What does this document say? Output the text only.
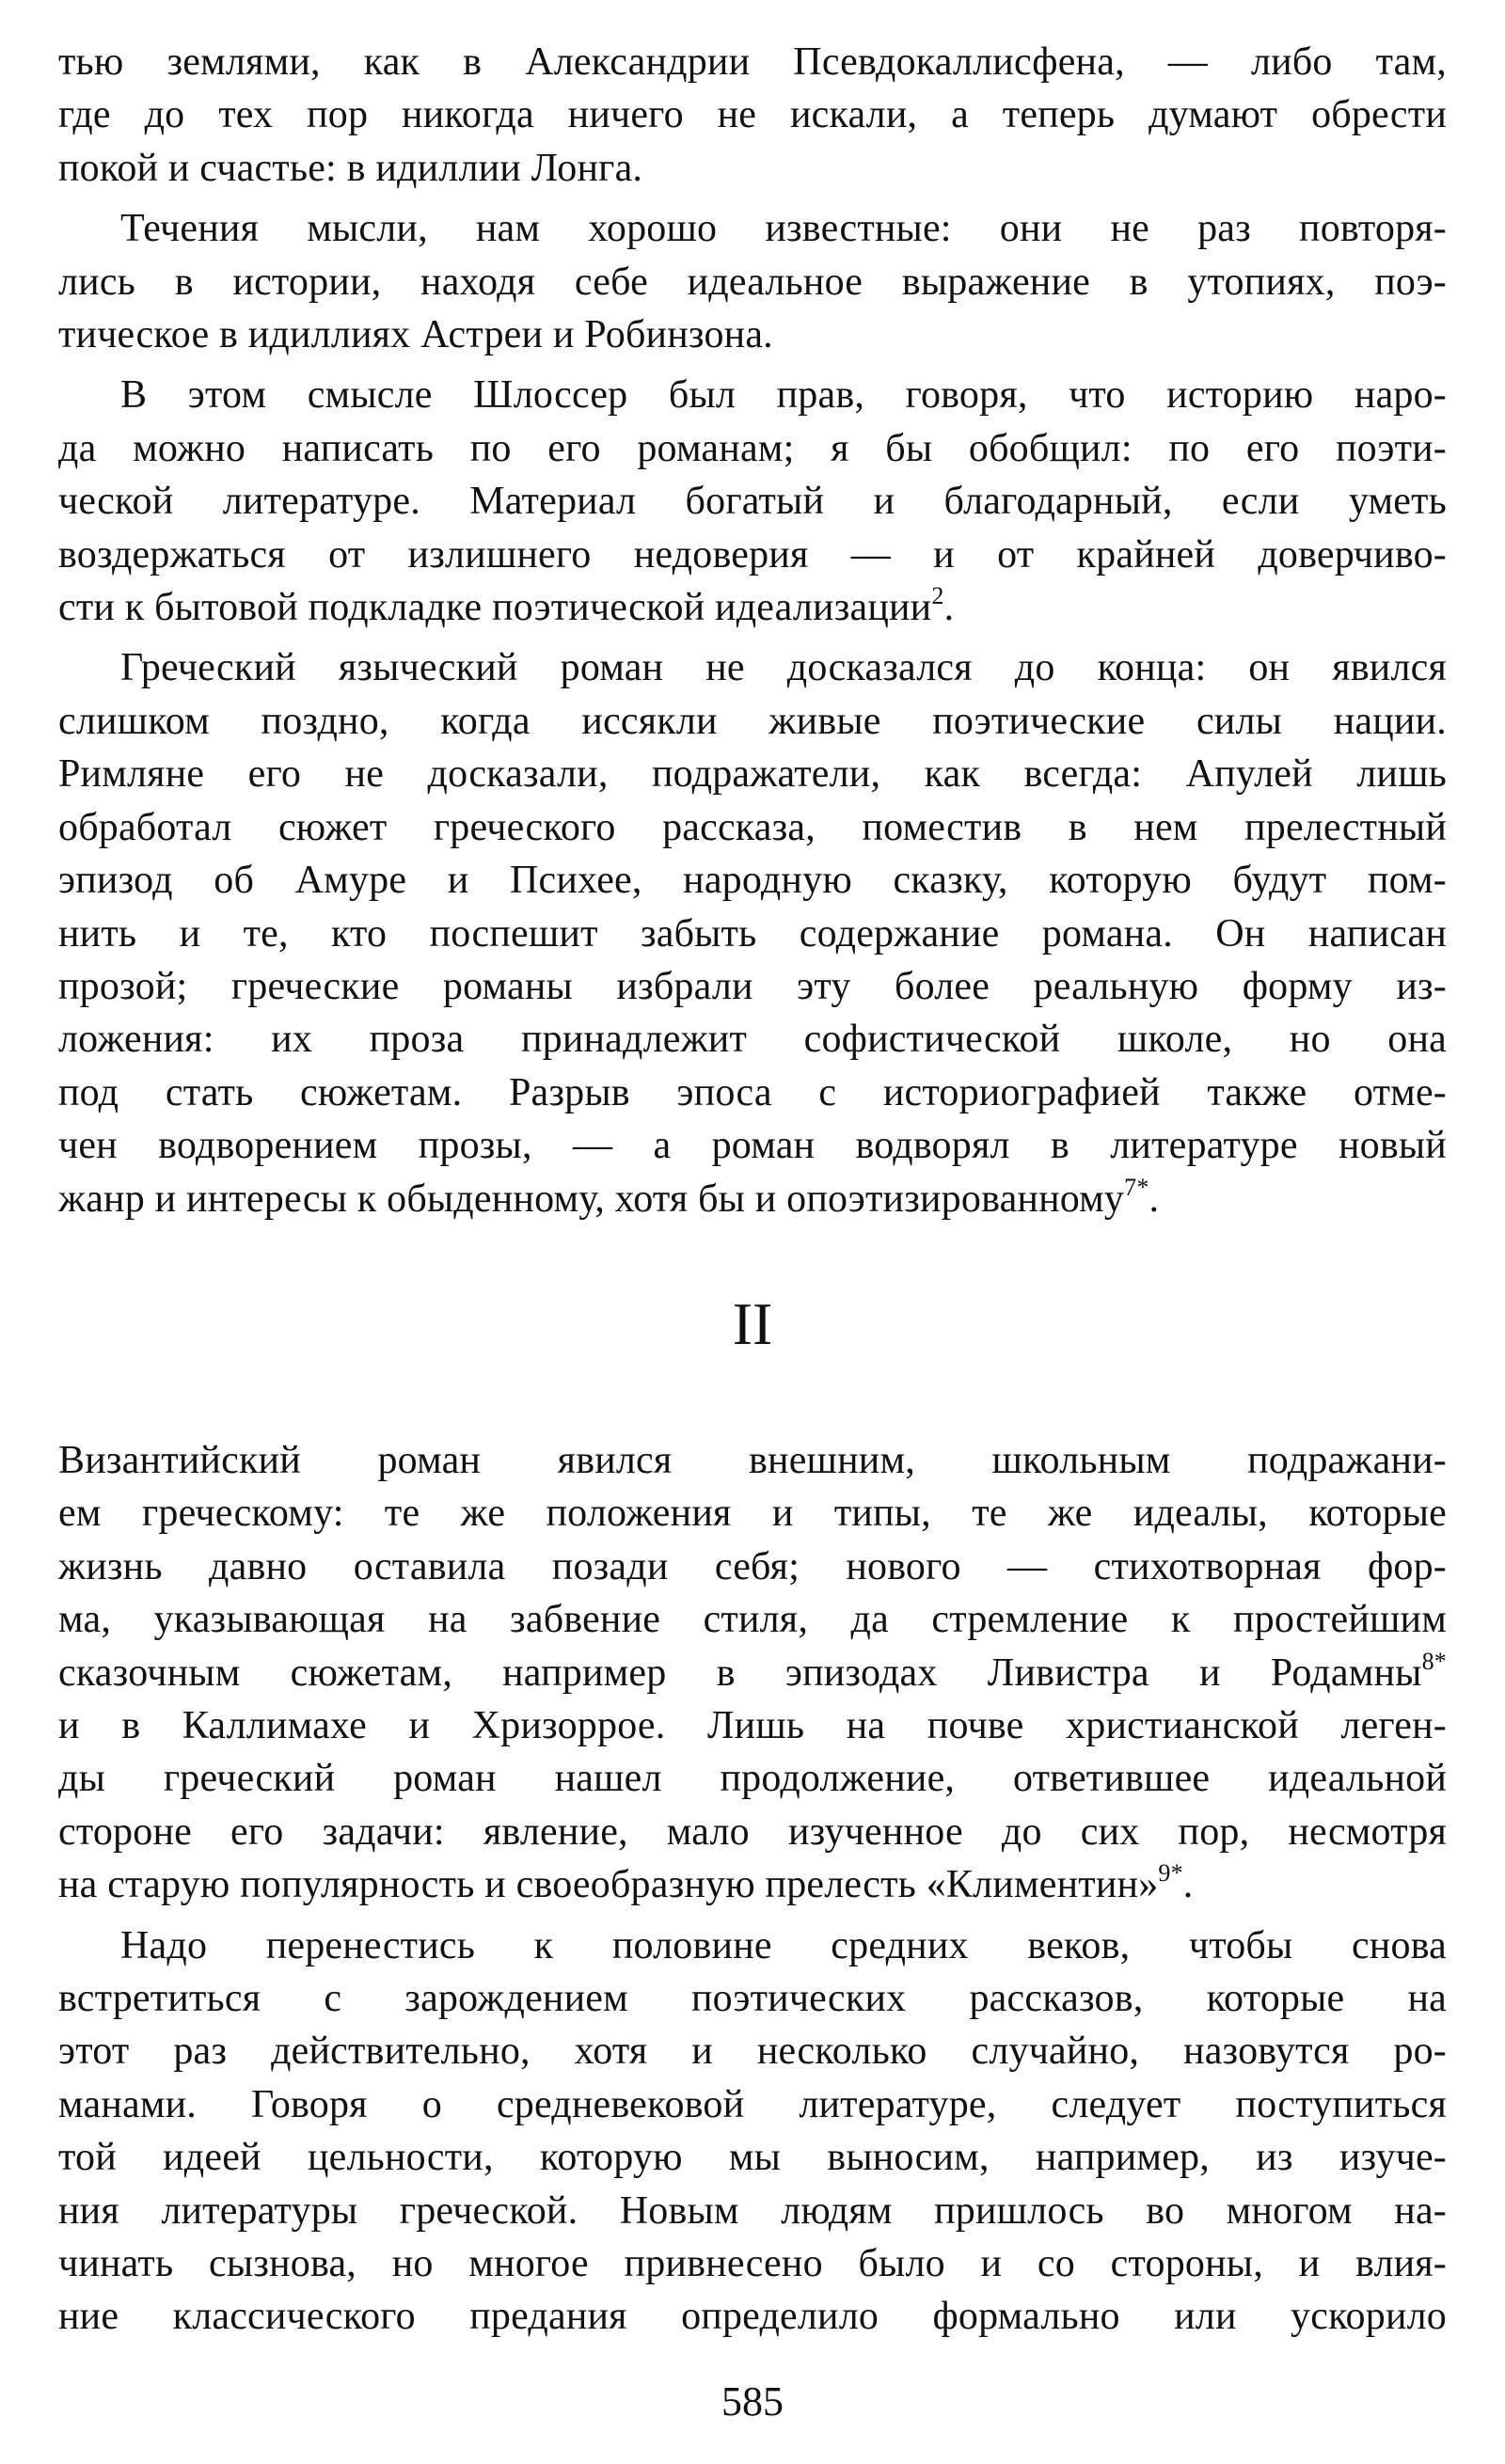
тью землями, как в Александрии Псевдокаллисфена, — либо там,
где до тех пор никогда ничего не искали, а теперь думают обрести
покой и счастье: в идиллии Лонга.
Течения мысли, нам хорошо известные: они не раз повторя-
лись в истории, находя себе идеальное выражение в утопиях, поэ-
тическое в идиллиях Астреи и Робинзона.
В этом смысле Шлоссер был прав, говоря, что историю наро-
да можно написать по его романам; я бы обобщил: по его поэти-
ческой литературе. Материал богатый и благодарный, если уметь
воздержаться от излишнего недоверия — и от крайней доверчиво-
сти к бытовой подкладке поэтической идеализации$^2$.
Греческий языческий роман не досказался до конца: он явился
слишком поздно, когда иссякли живые поэтические силы нации.
Римляне его не досказали, подражатели, как всегда: Апулей лишь
обработал сюжет греческого рассказа, поместив в нем прелестный
эпизод об Амуре и Психее, народную сказку, которую будут пом-
нить и те, кто поспешит забыть содержание романа. Он написан
прозой; греческие романы избрали эту более реальную форму из-
ложения: их проза принадлежит софистической школе, но она
под стать сюжетам. Разрыв эпоса с историографией также отме-
чен водворением прозы, — а роман водворял в литературе новый
жанр и интересы к обыденному, хотя бы и опоэтизированному$^{7*}$.
II
Византийский роман явился внешним, школьным подражани-
ем греческому: те же положения и типы, те же идеалы, которые
жизнь давно оставила позади себя; нового — стихотворная фор-
ма, указывающая на забвение стиля, да стремление к простейшим
сказочным сюжетам, например в эпизодах Ливистра и Родамны$^{8*}$
и в Каллимахе и Хризоррое. Лишь на почве христианской леген-
ды греческий роман нашел продолжение, ответившее идеальной
стороне его задачи: явление, мало изученное до сих пор, несмотря
на старую популярность и своеобразную прелесть «Климентин»$^{9*}$.
Надо перенестись к половине средних веков, чтобы снова
встретиться с зарождением поэтических рассказов, которые на
этот раз действительно, хотя и несколько случайно, назовутся ро-
манами. Говоря о средневековой литературе, следует поступиться
той идеей цельности, которую мы выносим, например, из изуче-
ния литературы греческой. Новым людям пришлось во многом на-
чинать сызнова, но многое привнесено было и со стороны, и влия-
ние классического предания определило формально или ускорило
585
